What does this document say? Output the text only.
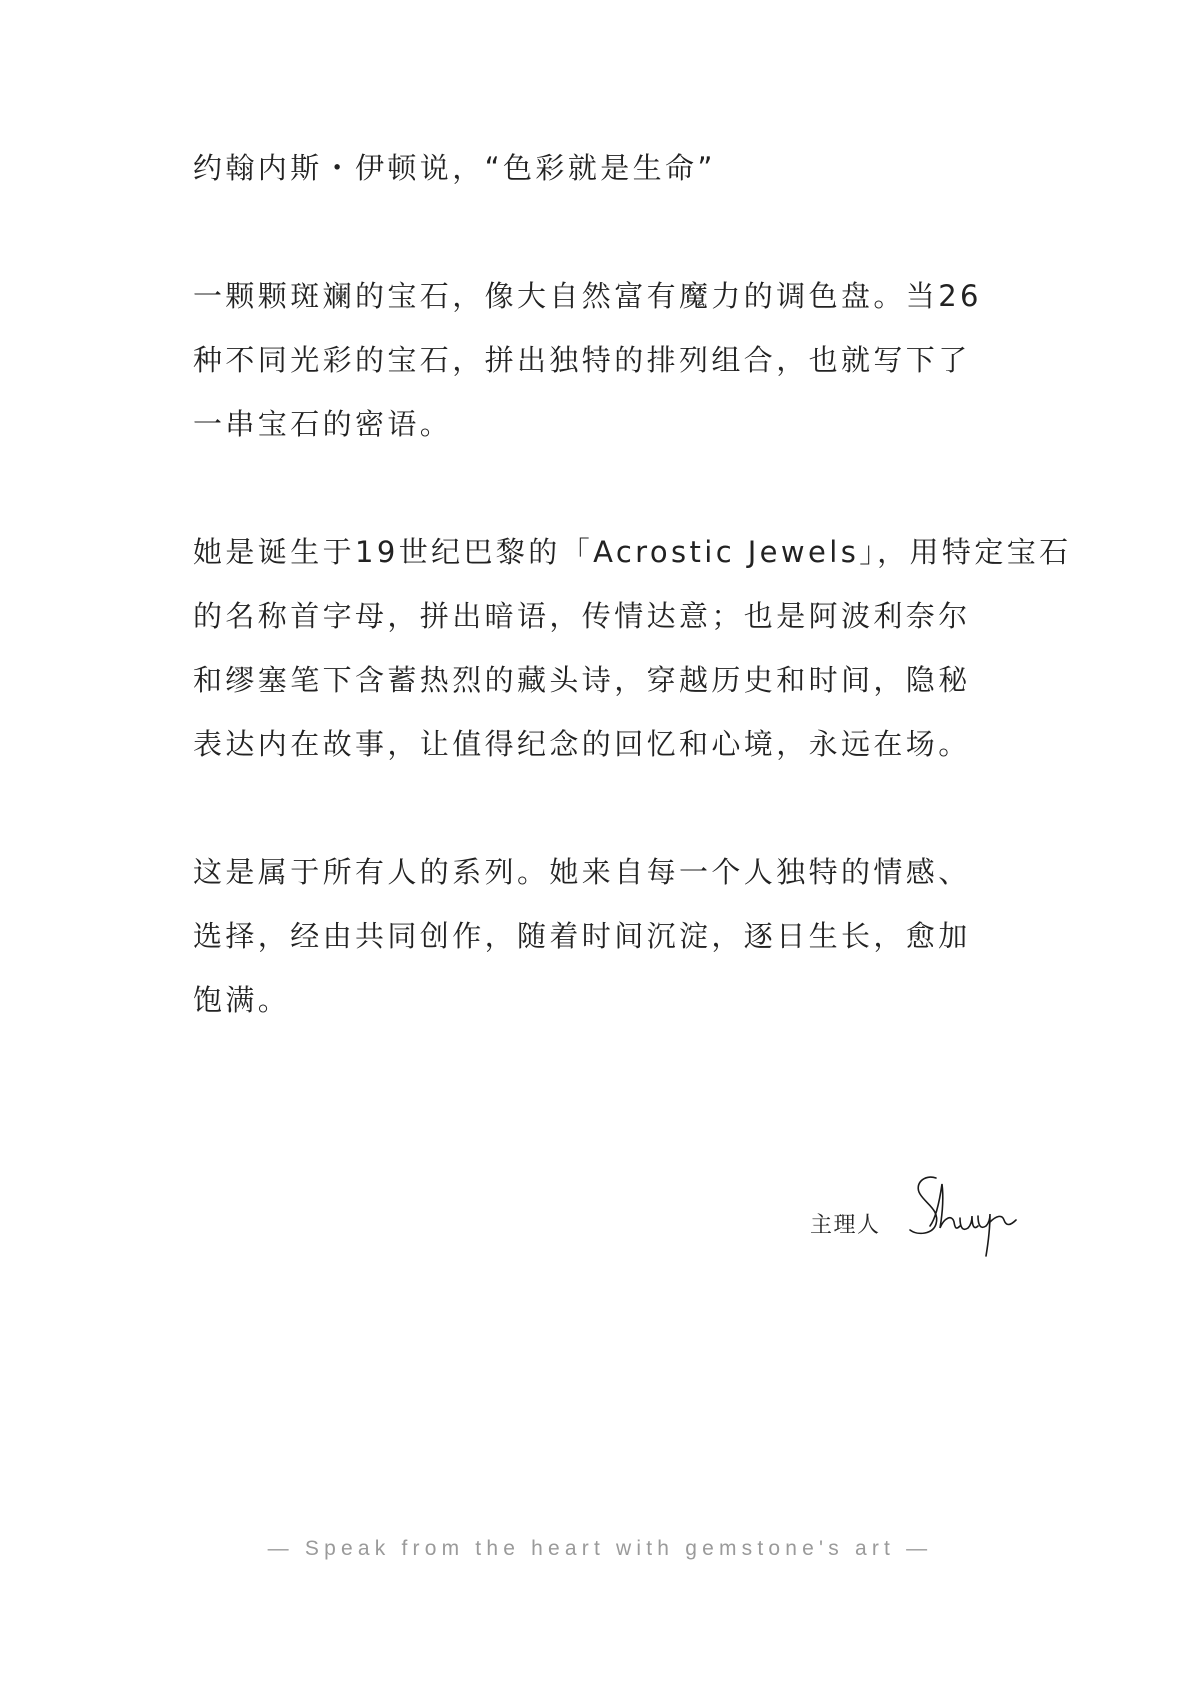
约翰内斯・伊顿说，“色彩就是生命”
一颗颗斑斓的宝石，像大自然富有魔力的调色盘。当26
种不同光彩的宝石，拼出独特的排列组合，也就写下了
一串宝石的密语。
她是诞生于19世纪巴黎的「Acrostic Jewels」，用特定宝石
的名称首字母，拼出暗语，传情达意；也是阿波利奈尔
和缪塞笔下含蓄热烈的藏头诗，穿越历史和时间，隐秘
表达内在故事，让值得纪念的回忆和心境，永远在场。
这是属于所有人的系列。她来自每一个人独特的情感、
选择，经由共同创作，随着时间沉淀，逐日生长，愈加
饱满。
主理人
— Speak from the heart with gemstone's art —
